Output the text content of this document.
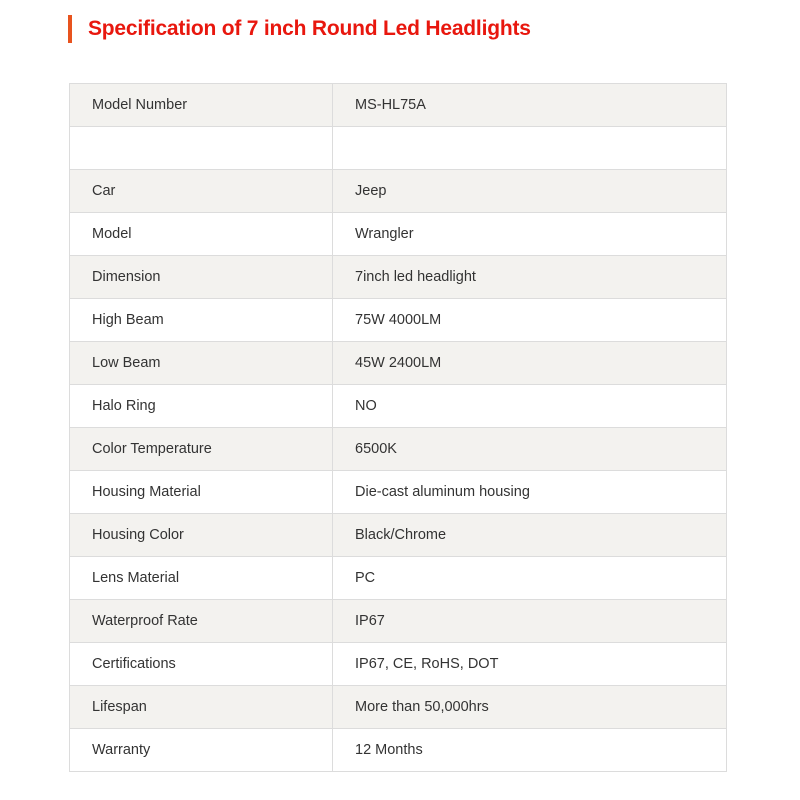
Specification of 7 inch Round Led Headlights
Model Number	MS-HL75A

Car	Jeep
Model	Wrangler
Dimension	7inch led headlight
High Beam	75W 4000LM
Low Beam	45W 2400LM
Halo Ring	NO
Color Temperature	6500K
Housing Material	Die-cast aluminum housing
Housing Color	Black/Chrome
Lens Material	PC
Waterproof Rate	IP67
Certifications	IP67, CE, RoHS, DOT
Lifespan	More than 50,000hrs
Warranty	12 Months
